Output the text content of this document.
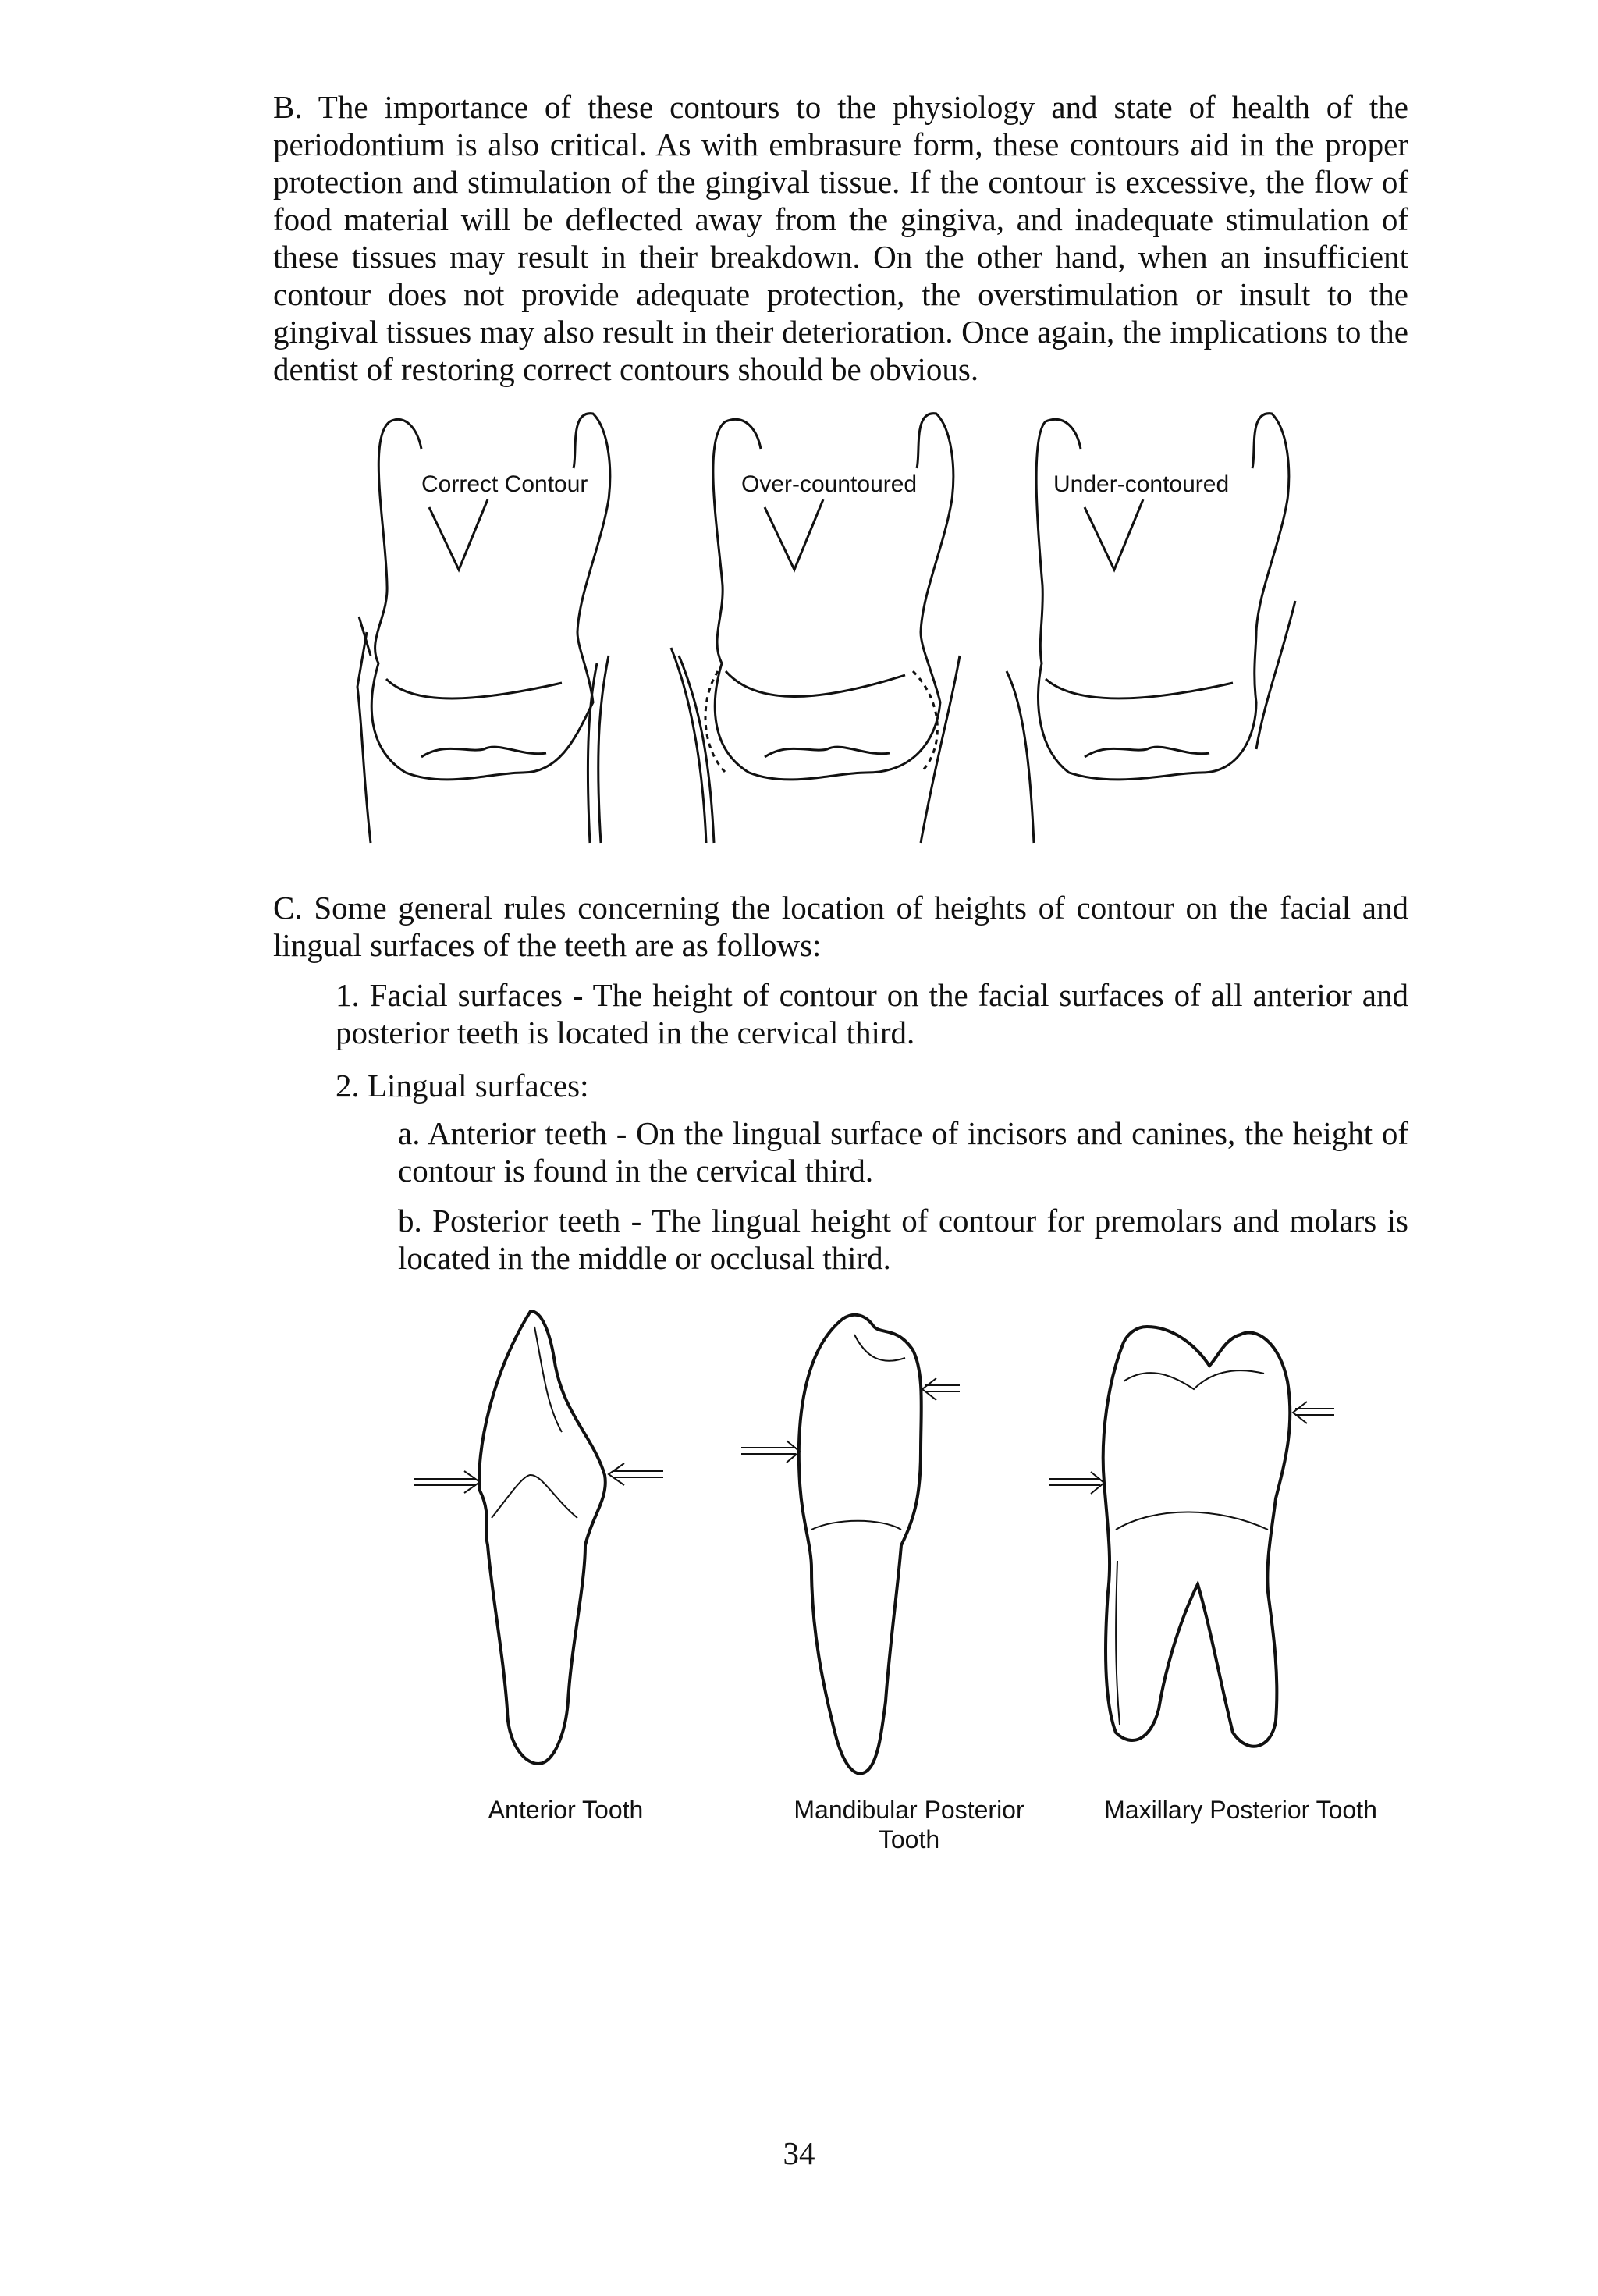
B. The importance of these contours to the physiology and state of health of the periodontium is also critical. As with embrasure form, these contours aid in the proper protection and stimulation of the gingival tissue. If the contour is excessive, the flow of food material will be deflected away from the gingiva, and inadequate stimulation of these tissues may result in their breakdown. On the other hand, when an insufficient contour does not provide adequate protection, the overstimulation or insult to the gingival tissues may also result in their deterioration. Once again, the implications to the dentist of restoring correct contours should be obvious.

Correct Contour	Over-countoured	Under-contoured

C. Some general rules concerning the location of heights of contour on the facial and lingual surfaces of the teeth are as follows:

1. Facial surfaces - The height of contour on the facial surfaces of all anterior and posterior teeth is located in the cervical third.

2. Lingual surfaces:

a. Anterior teeth - On the lingual surface of incisors and canines, the height of contour is found in the cervical third.

b. Posterior teeth - The lingual height of contour for premolars and molars is located in the middle or occlusal third.

Anterior Tooth	Mandibular Posterior Tooth
Maxillary Posterior Tooth
34
